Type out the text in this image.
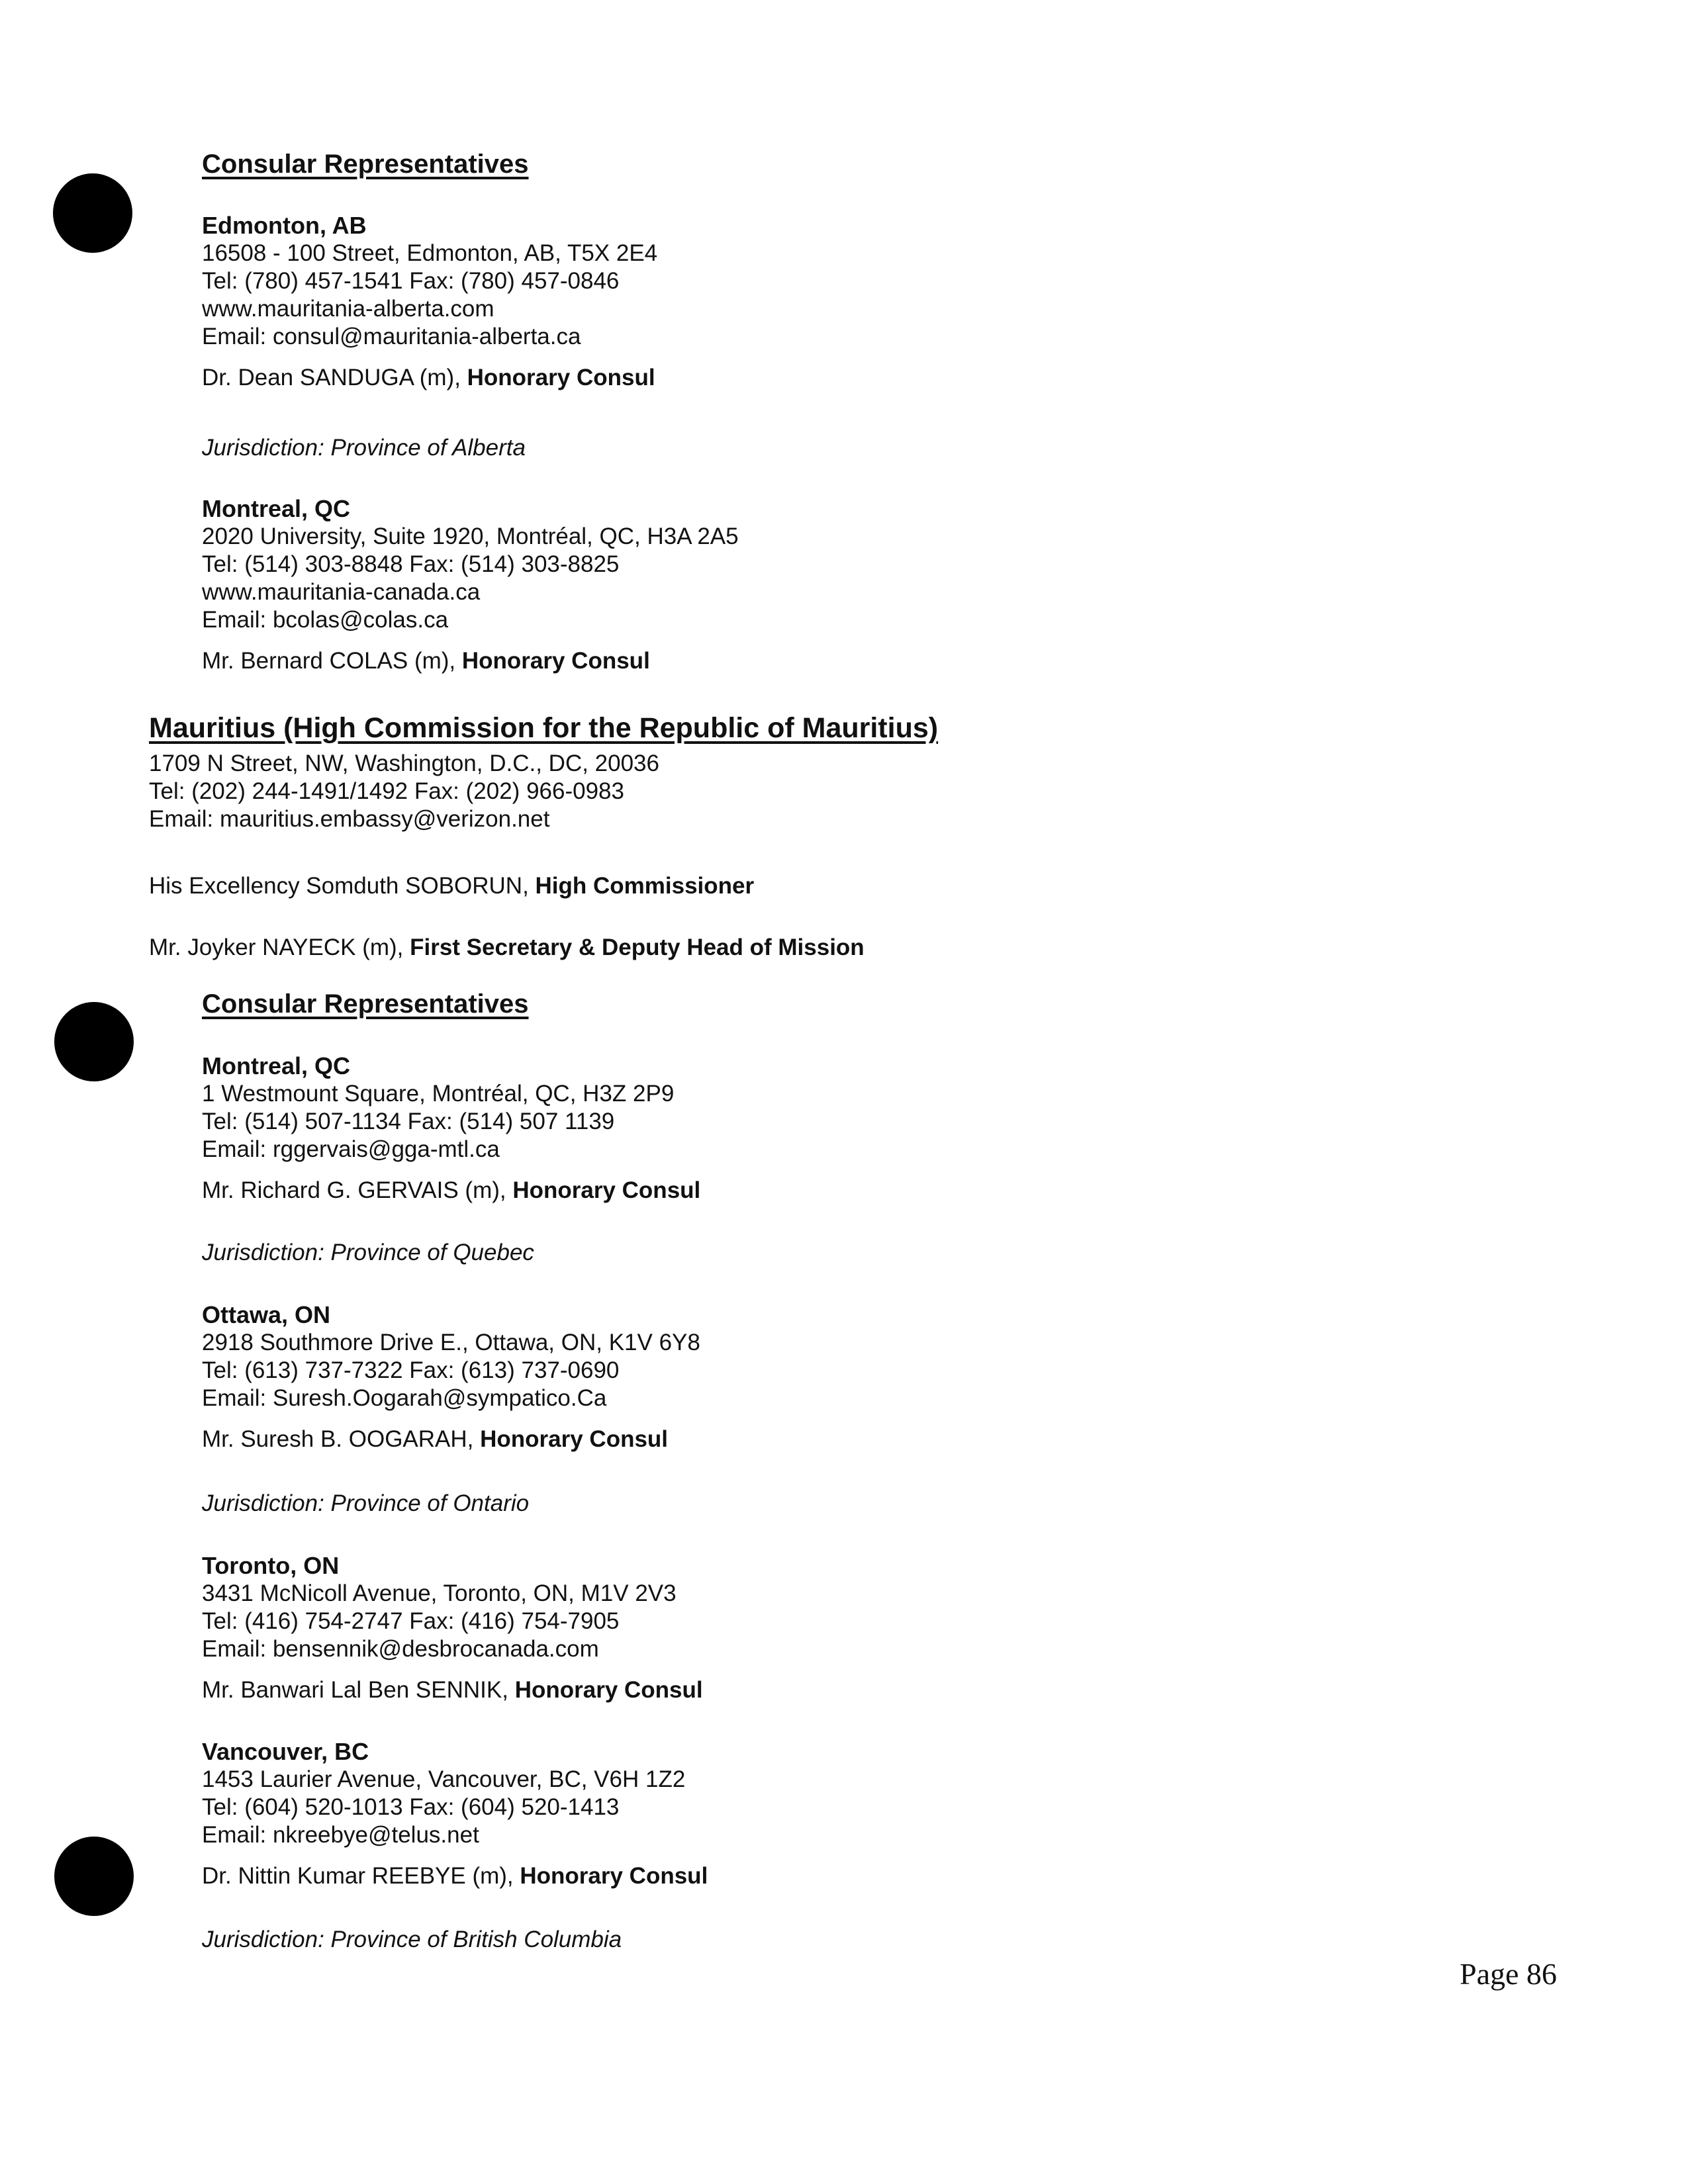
Consular Representatives
Edmonton, AB
16508 - 100 Street, Edmonton, AB, T5X 2E4
Tel: (780) 457-1541 Fax: (780) 457-0846
www.mauritania-alberta.com
Email: consul@mauritania-alberta.ca
Dr. Dean SANDUGA (m), Honorary Consul
Jurisdiction: Province of Alberta
Montreal, QC
2020 University, Suite 1920, Montréal, QC, H3A 2A5
Tel: (514) 303-8848 Fax: (514) 303-8825
www.mauritania-canada.ca
Email: bcolas@colas.ca
Mr. Bernard COLAS (m), Honorary Consul
Mauritius (High Commission for the Republic of Mauritius)
1709 N Street, NW, Washington, D.C., DC, 20036
Tel: (202) 244-1491/1492 Fax: (202) 966-0983
Email: mauritius.embassy@verizon.net
His Excellency Somduth SOBORUN, High Commissioner
Mr. Joyker NAYECK (m), First Secretary & Deputy Head of Mission
Consular Representatives
Montreal, QC
1 Westmount Square, Montréal, QC, H3Z 2P9
Tel: (514) 507-1134 Fax: (514) 507 1139
Email: rggervais@gga-mtl.ca
Mr. Richard G. GERVAIS (m), Honorary Consul
Jurisdiction: Province of Quebec
Ottawa, ON
2918 Southmore Drive E., Ottawa, ON, K1V 6Y8
Tel: (613) 737-7322 Fax: (613) 737-0690
Email: Suresh.Oogarah@sympatico.Ca
Mr. Suresh B. OOGARAH, Honorary Consul
Jurisdiction: Province of Ontario
Toronto, ON
3431 McNicoll Avenue, Toronto, ON, M1V 2V3
Tel: (416) 754-2747 Fax: (416) 754-7905
Email: bensennik@desbrocanada.com
Mr. Banwari Lal Ben SENNIK, Honorary Consul
Vancouver, BC
1453 Laurier Avenue, Vancouver, BC, V6H 1Z2
Tel: (604) 520-1013 Fax: (604) 520-1413
Email: nkreebye@telus.net
Dr. Nittin Kumar REEBYE (m), Honorary Consul
Jurisdiction: Province of British Columbia
Page 86
